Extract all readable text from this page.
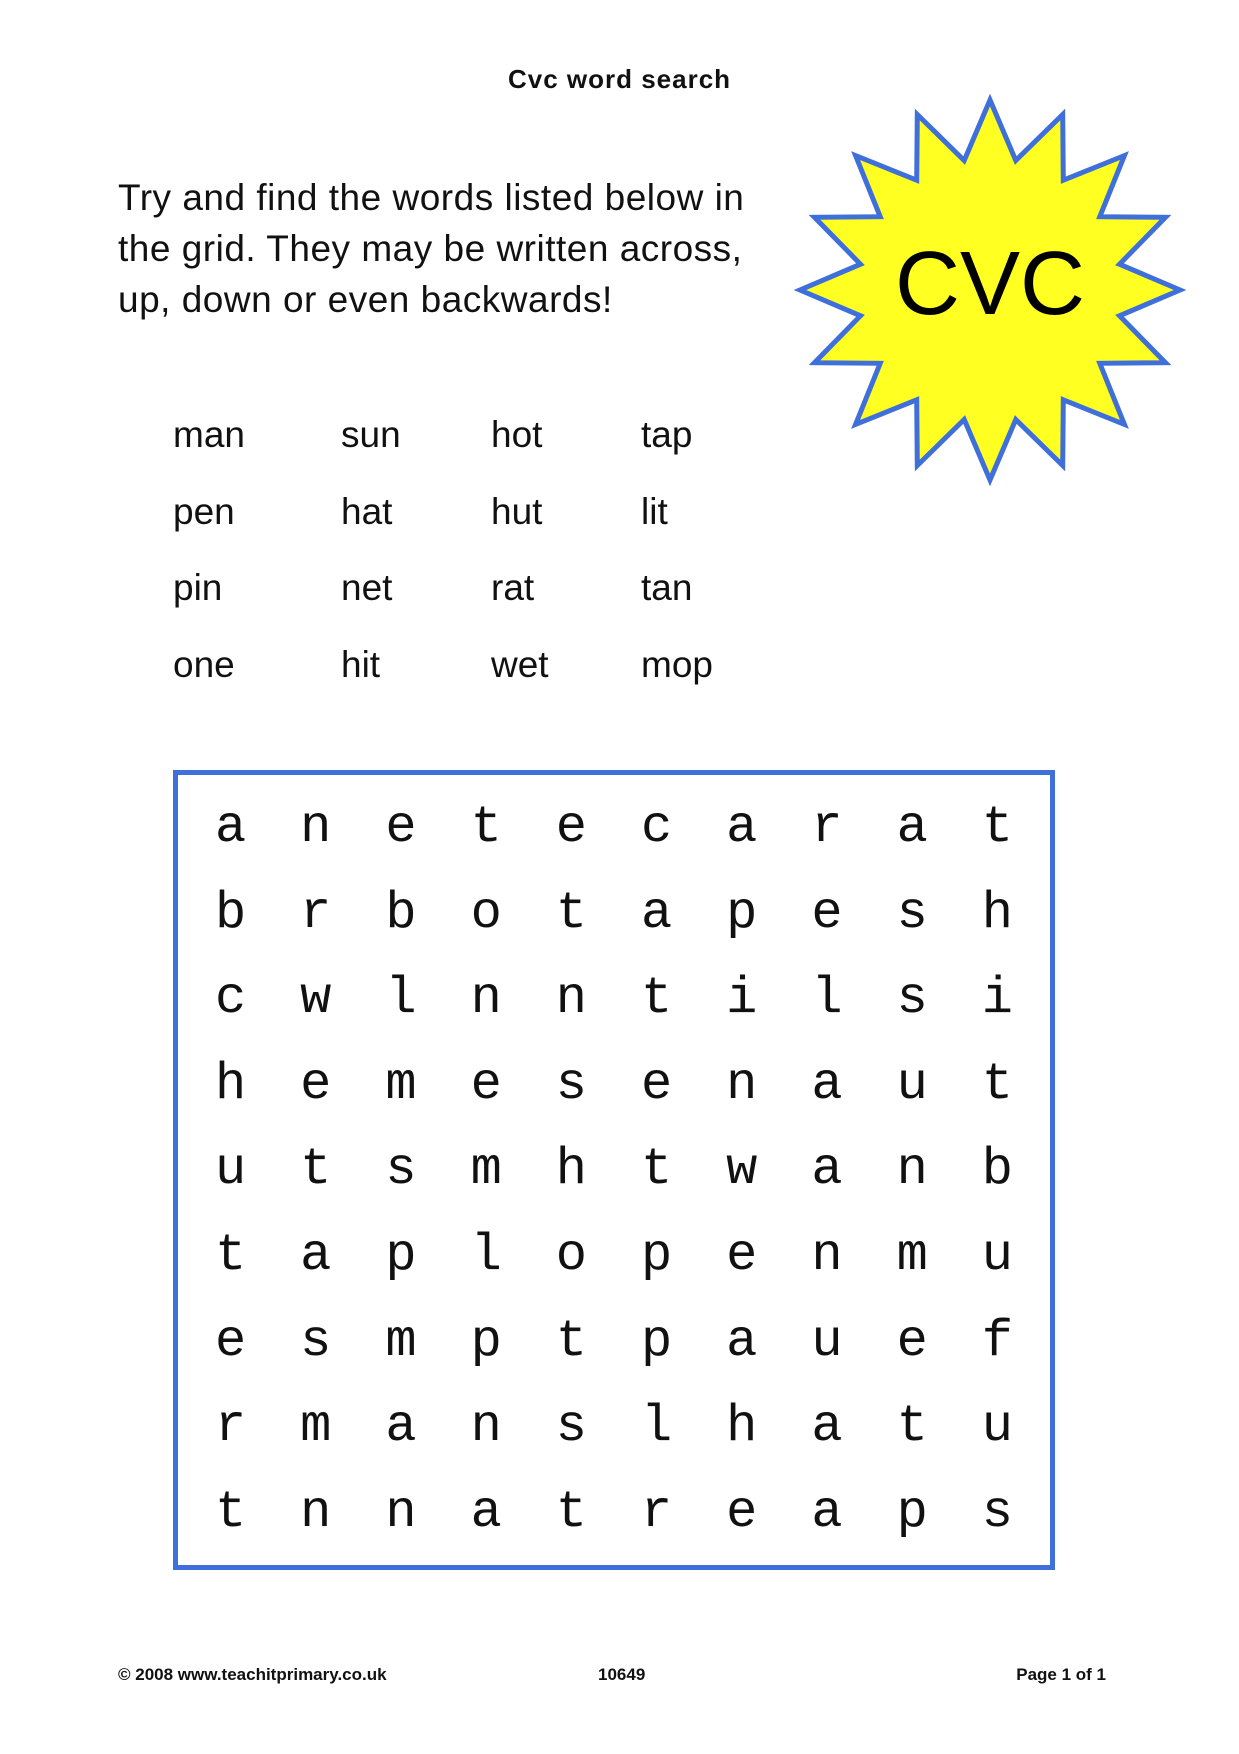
Cvc word search
Try and find the words listed below in the grid. They may be written across, up, down or even backwards!	CVC
man	sun	hot	tap
pen	hat	hut	lit
pin	net	rat	tan
one	hit	wet	mop
a	n	e	t	e	c	a	r	a	t
b	r	b	o	t	a	p	e	s	h
c	w	l	n	n	t	i	l	s	i
h	e	m	e	s	e	n	a	u	t
u	t	s	m	h	t	w	a	n	b
t	a	p	l	o	p	e	n	m	u
e	s	m	p	t	p	a	u	e	f
r	m	a	n	s	l	h	a	t	u
t	n	n	a	t	r	e	a	p	s
© 2008 www.teachitprimary.co.uk	10649	Page 1 of 1
